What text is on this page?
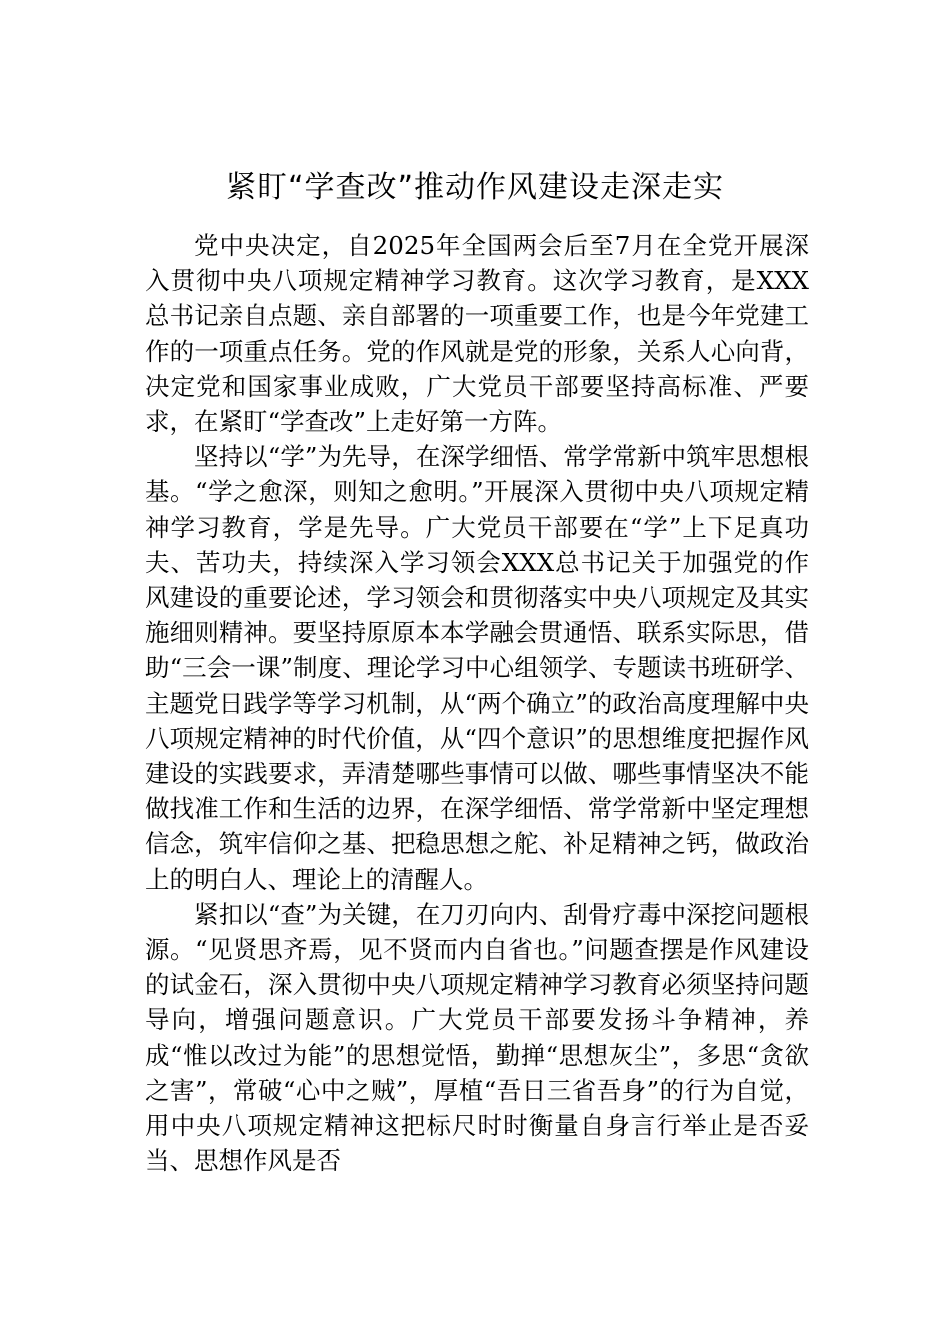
紧盯“学查改”推动作风建设走深走实

党中央决定，自2025年全国两会后至7月在全党开展深入贯彻中央八项规定精神学习教育。这次学习教育，是XXX总书记亲自点题、亲自部署的一项重要工作，也是今年党建工作的一项重点任务。党的作风就是党的形象，关系人心向背，决定党和国家事业成败，广大党员干部要坚持高标准、严要求，在紧盯“学查改”上走好第一方阵。

坚持以“学”为先导，在深学细悟、常学常新中筑牢思想根基。“学之愈深，则知之愈明。”开展深入贯彻中央八项规定精神学习教育，学是先导。广大党员干部要在“学”上下足真功夫、苦功夫，持续深入学习领会XXX总书记关于加强党的作风建设的重要论述，学习领会和贯彻落实中央八项规定及其实施细则精神。要坚持原原本本学融会贯通悟、联系实际思，借助“三会一课”制度、理论学习中心组领学、专题读书班研学、主题党日践学等学习机制，从“两个确立”的政治高度理解中央八项规定精神的时代价值，从“四个意识”的思想维度把握作风建设的实践要求，弄清楚哪些事情可以做、哪些事情坚决不能做找准工作和生活的边界，在深学细悟、常学常新中坚定理想信念，筑牢信仰之基、把稳思想之舵、补足精神之钙，做政治上的明白人、理论上的清醒人。

紧扣以“查”为关键，在刀刃向内、刮骨疗毒中深挖问题根源。“见贤思齐焉，见不贤而内自省也。”问题查摆是作风建设的试金石，深入贯彻中央八项规定精神学习教育必须坚持问题导向，增强问题意识。广大党员干部要发扬斗争精神，养成“惟以改过为能”的思想觉悟，勤掸“思想灰尘”，多思“贪欲之害”，常破“心中之贼”，厚植“吾日三省吾身”的行为自觉，用中央八项规定精神这把标尺时时衡量自身言行举止是否妥当、思想作风是否
